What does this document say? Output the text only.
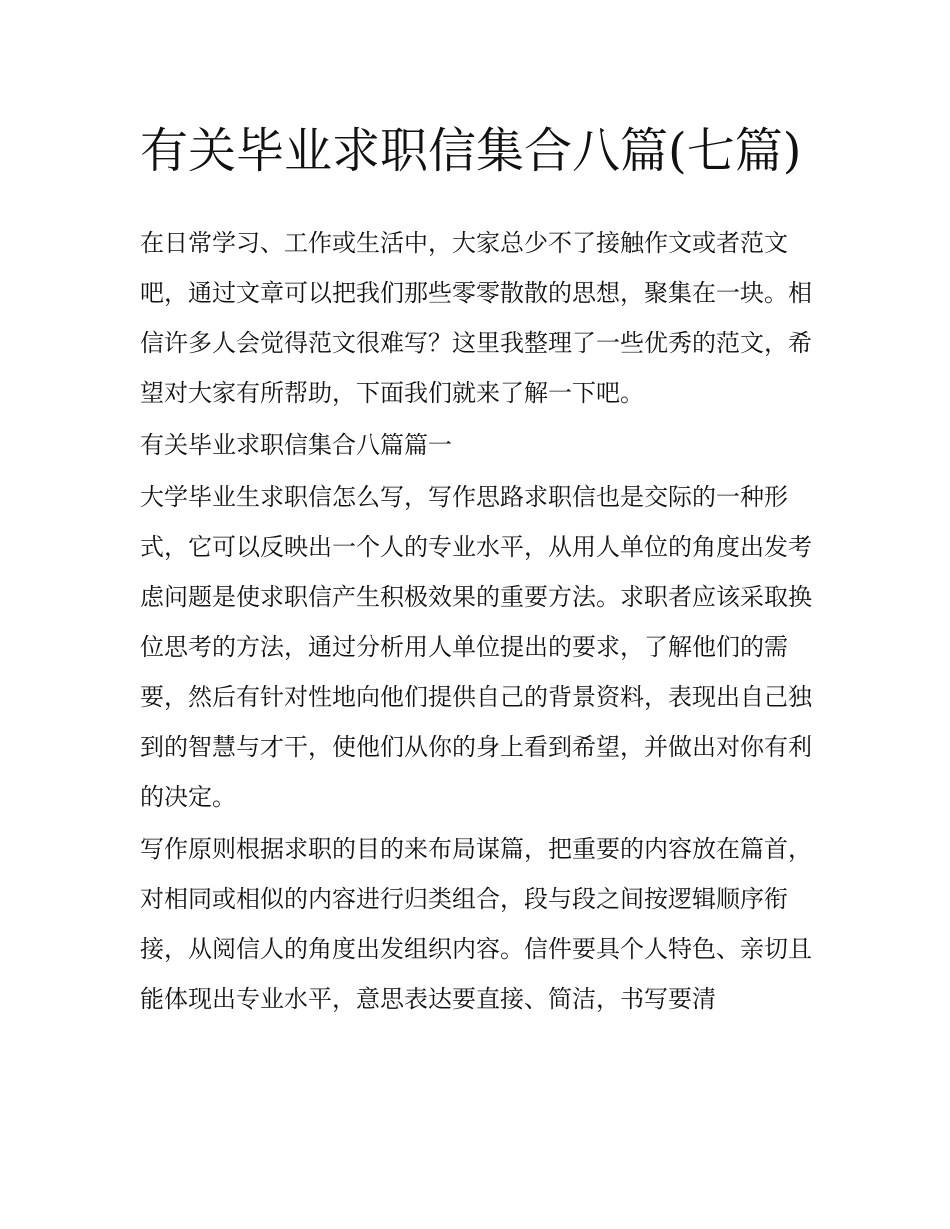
有关毕业求职信集合八篇(七篇)

在日常学习、工作或生活中，大家总少不了接触作文或者范文吧，通过文章可以把我们那些零零散散的思想，聚集在一块。相信许多人会觉得范文很难写？这里我整理了一些优秀的范文，希望对大家有所帮助，下面我们就来了解一下吧。

有关毕业求职信集合八篇篇一

大学毕业生求职信怎么写，写作思路求职信也是交际的一种形式，它可以反映出一个人的专业水平，从用人单位的角度出发考虑问题是使求职信产生积极效果的重要方法。求职者应该采取换位思考的方法，通过分析用人单位提出的要求，了解他们的需要，然后有针对性地向他们提供自己的背景资料，表现出自己独到的智慧与才干，使他们从你的身上看到希望，并做出对你有利的决定。

写作原则根据求职的目的来布局谋篇，把重要的内容放在篇首，对相同或相似的内容进行归类组合，段与段之间按逻辑顺序衔接，从阅信人的角度出发组织内容。信件要具个人特色、亲切且能体现出专业水平，意思表达要直接、简洁，书写要清
